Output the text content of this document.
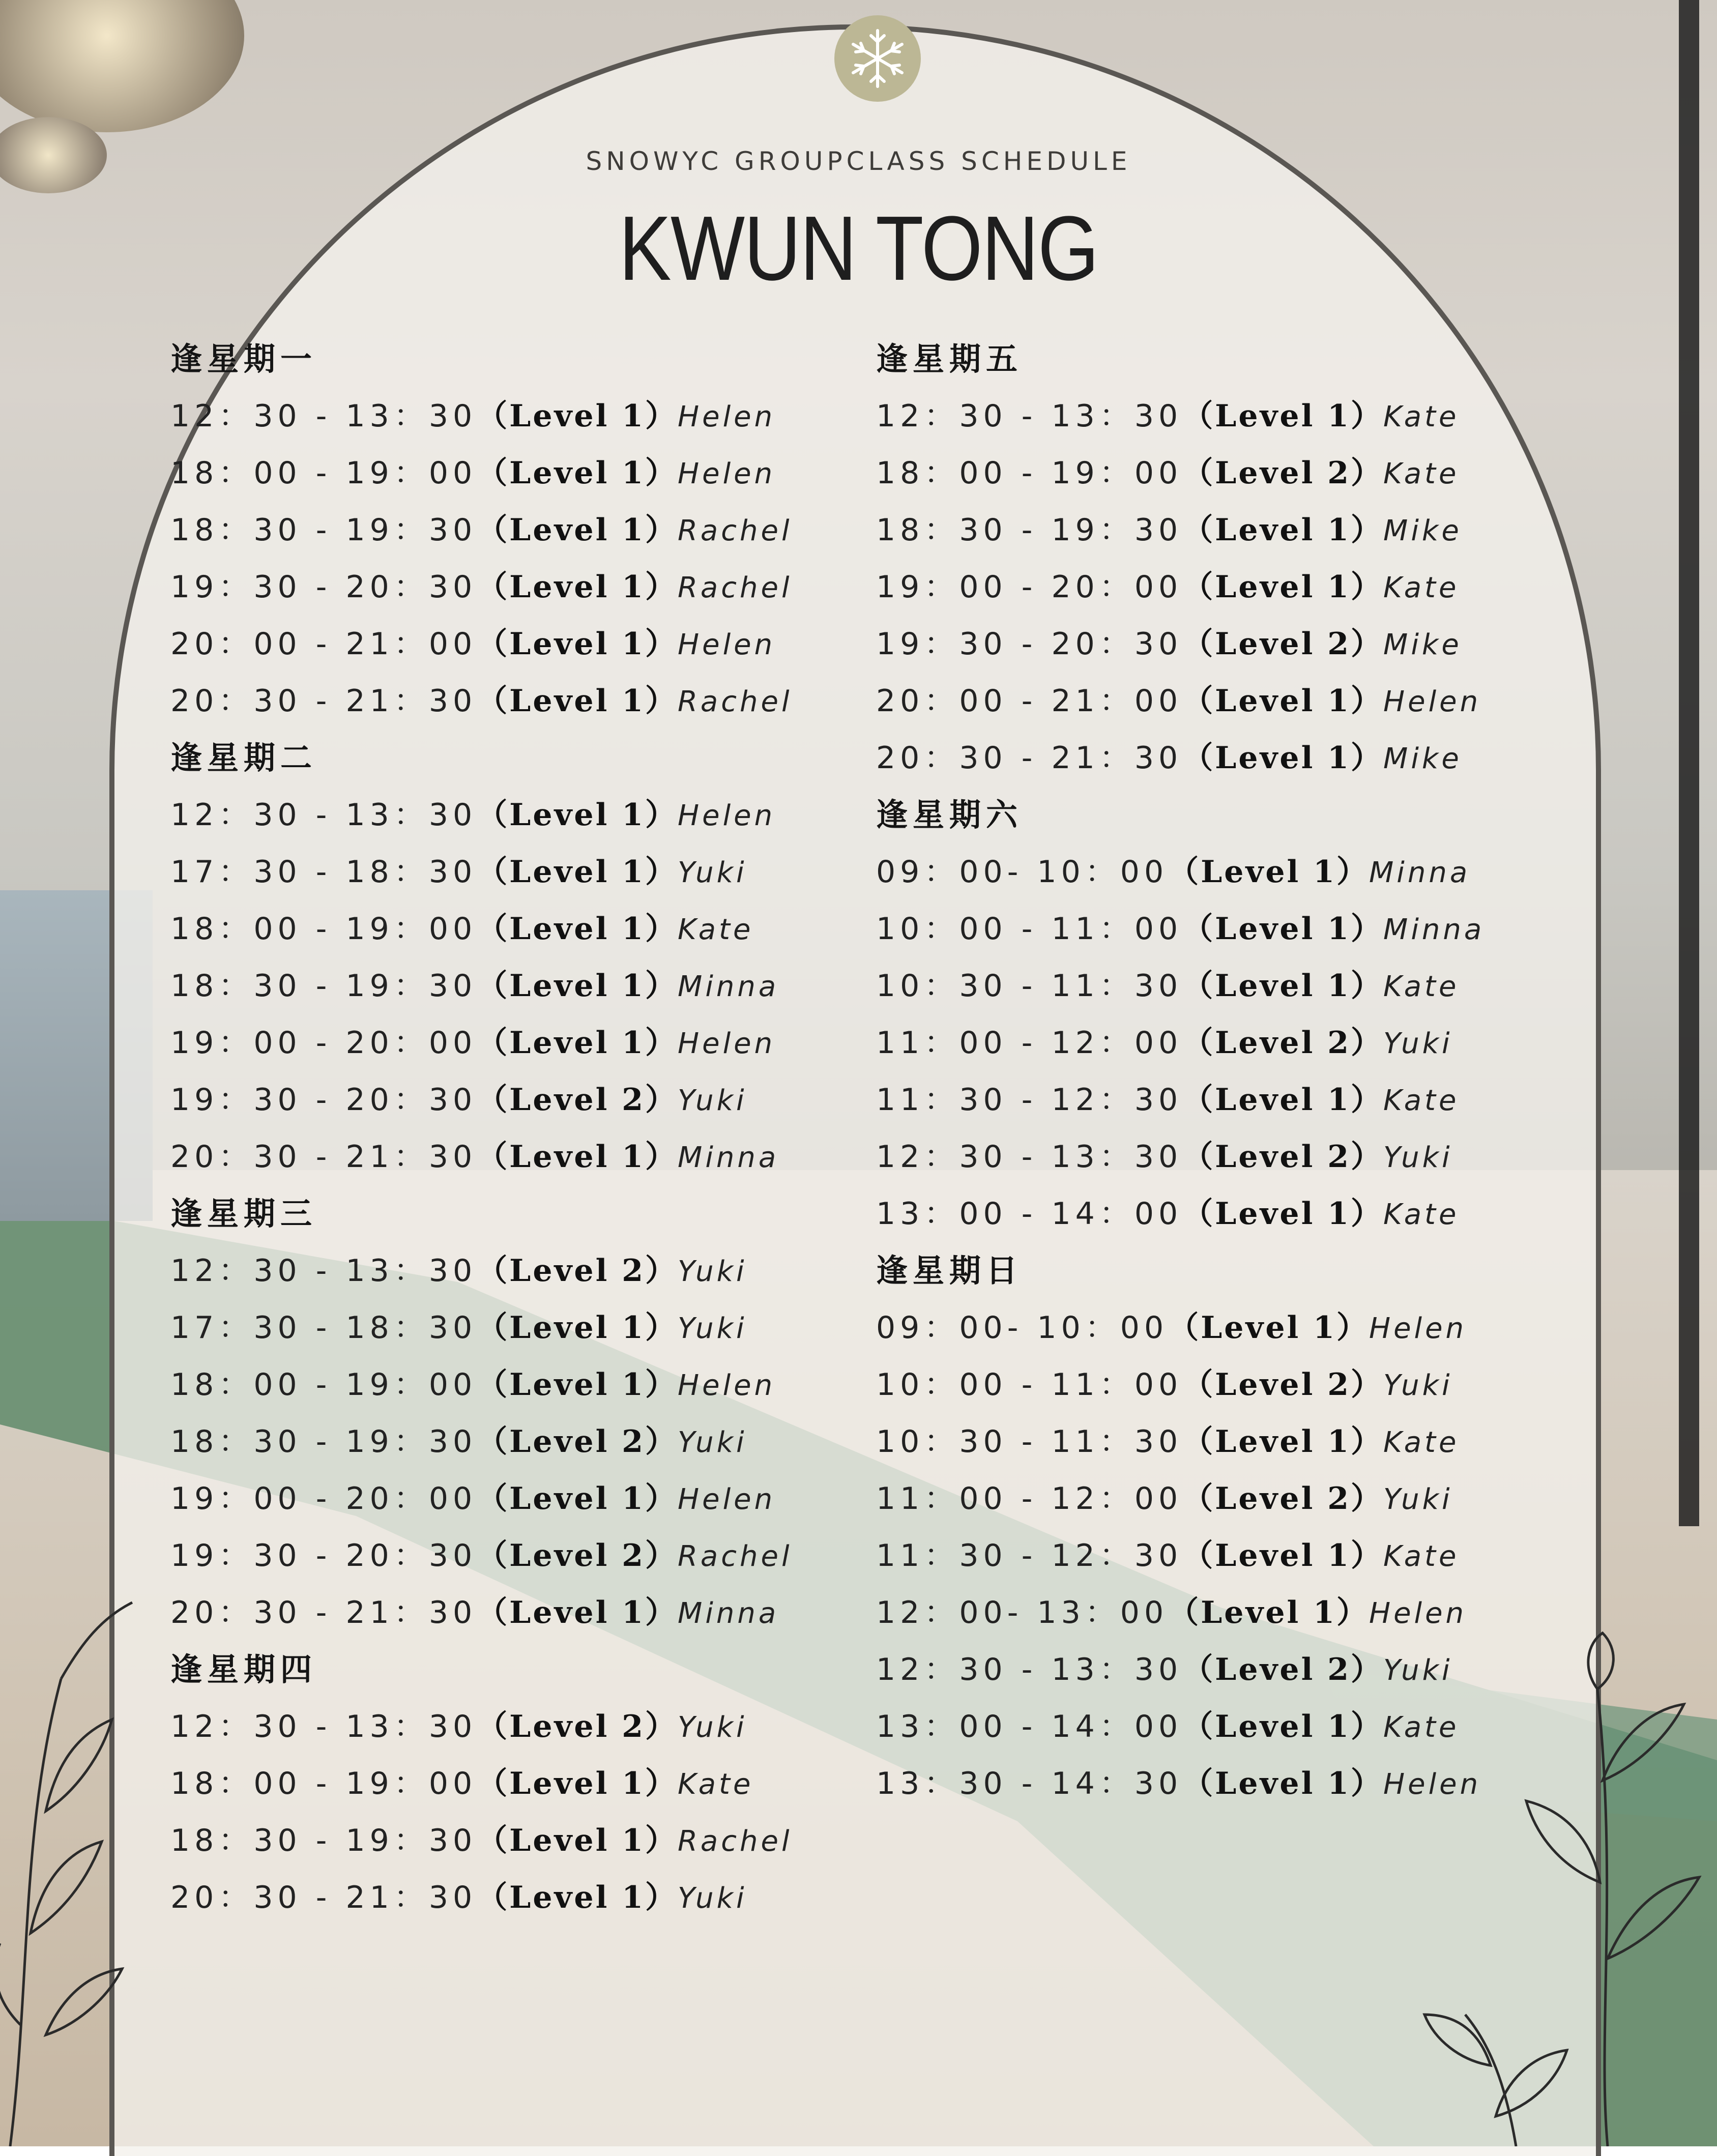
SNOWYC GROUPCLASS SCHEDULE
KWUN TONG
逢星期一
12：30 - 13：30（Level 1）Helen
18：00 - 19：00（Level 1）Helen
18：30 - 19：30（Level 1）Rachel
19：30 - 20：30（Level 1）Rachel
20：00 - 21：00（Level 1）Helen
20：30 - 21：30（Level 1）Rachel
逢星期二
12：30 - 13：30（Level 1）Helen
17：30 - 18：30（Level 1）Yuki
18：00 - 19：00（Level 1）Kate
18：30 - 19：30（Level 1）Minna
19：00 - 20：00（Level 1）Helen
19：30 - 20：30（Level 2）Yuki
20：30 - 21：30（Level 1）Minna
逢星期三
12：30 - 13：30（Level 2）Yuki
17：30 - 18：30（Level 1）Yuki
18：00 - 19：00（Level 1）Helen
18：30 - 19：30（Level 2）Yuki
19：00 - 20：00（Level 1）Helen
19：30 - 20：30（Level 2）Rachel
20：30 - 21：30（Level 1）Minna
逢星期四
12：30 - 13：30（Level 2）Yuki
18：00 - 19：00（Level 1）Kate
18：30 - 19：30（Level 1）Rachel
20：30 - 21：30（Level 1）Yuki
逢星期五
12：30 - 13：30（Level 1）Kate
18：00 - 19：00（Level 2）Kate
18：30 - 19：30（Level 1）Mike
19：00 - 20：00（Level 1）Kate
19：30 - 20：30（Level 2）Mike
20：00 - 21：00（Level 1）Helen
20：30 - 21：30（Level 1）Mike
逢星期六
09：00- 10：00（Level 1）Minna
10：00 - 11：00（Level 1）Minna
10：30 - 11：30（Level 1）Kate
11：00 - 12：00（Level 2）Yuki
11：30 - 12：30（Level 1）Kate
12：30 - 13：30（Level 2）Yuki
13：00 - 14：00（Level 1）Kate
逢星期日
09：00- 10：00（Level 1）Helen
10：00 - 11：00（Level 2）Yuki
10：30 - 11：30（Level 1）Kate
11：00 - 12：00（Level 2）Yuki
11：30 - 12：30（Level 1）Kate
12：00- 13：00（Level 1）Helen
12：30 - 13：30（Level 2）Yuki
13：00 - 14：00（Level 1）Kate
13：30 - 14：30（Level 1）Helen
